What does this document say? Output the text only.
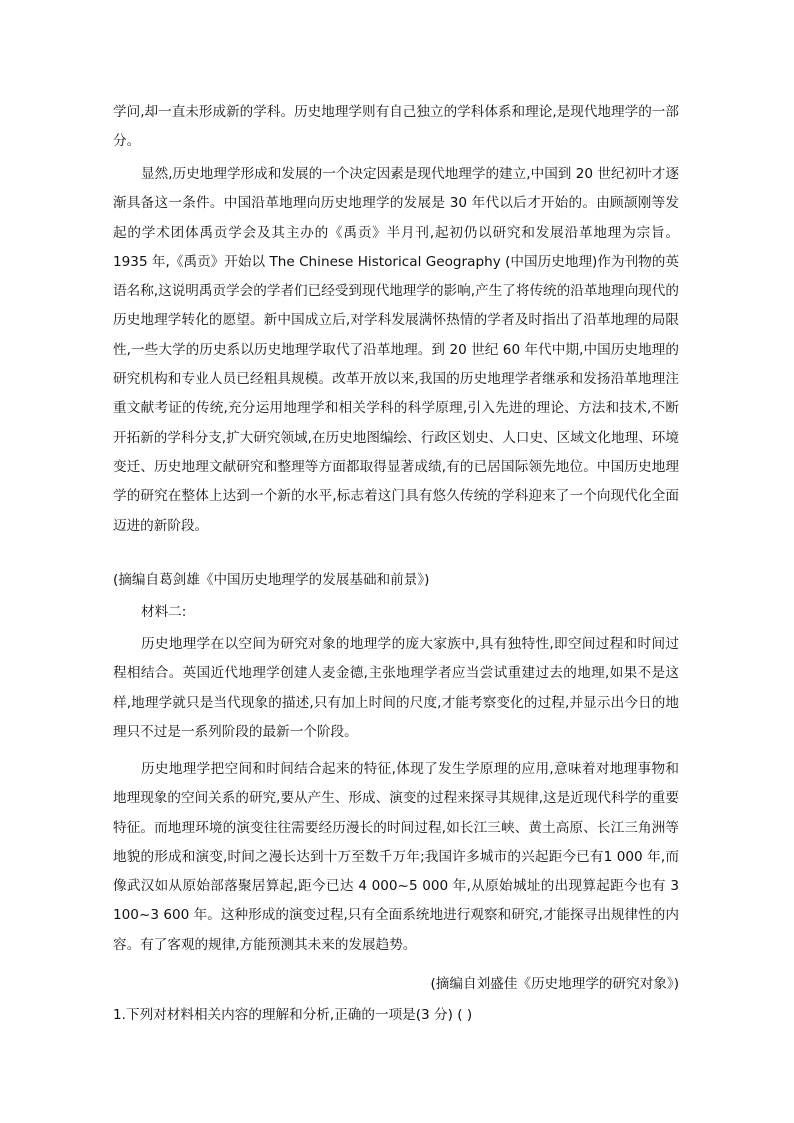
学问,却一直未形成新的学科。历史地理学则有自己独立的学科体系和理论,是现代地理学的一部分。

显然,历史地理学形成和发展的一个决定因素是现代地理学的建立,中国到 20 世纪初叶才逐渐具备这一条件。中国沿革地理向历史地理学的发展是 30 年代以后才开始的。由顾颉刚等发起的学术团体禹贡学会及其主办的《禹贡》半月刊,起初仍以研究和发展沿革地理为宗旨。1935 年,《禹贡》开始以 The Chinese Historical Geography (中国历史地理)作为刊物的英语名称,这说明禹贡学会的学者们已经受到现代地理学的影响,产生了将传统的沿革地理向现代的历史地理学转化的愿望。新中国成立后,对学科发展满怀热情的学者及时指出了沿革地理的局限性,一些大学的历史系以历史地理学取代了沿革地理。到 20 世纪 60 年代中期,中国历史地理的研究机构和专业人员已经粗具规模。改革开放以来,我国的历史地理学者继承和发扬沿革地理注重文献考证的传统,充分运用地理学和相关学科的科学原理,引入先进的理论、方法和技术,不断开拓新的学科分支,扩大研究领域,在历史地图编绘、行政区划史、人口史、区域文化地理、环境变迁、历史地理文献研究和整理等方面都取得显著成绩,有的已居国际领先地位。中国历史地理学的研究在整体上达到一个新的水平,标志着这门具有悠久传统的学科迎来了一个向现代化全面迈进的新阶段。

(摘编自葛剑雄《中国历史地理学的发展基础和前景》)

材料二:

历史地理学在以空间为研究对象的地理学的庞大家族中,具有独特性,即空间过程和时间过程相结合。英国近代地理学创建人麦金德,主张地理学者应当尝试重建过去的地理,如果不是这样,地理学就只是当代现象的描述,只有加上时间的尺度,才能考察变化的过程,并显示出今日的地理只不过是一系列阶段的最新一个阶段。

历史地理学把空间和时间结合起来的特征,体现了发生学原理的应用,意味着对地理事物和地理现象的空间关系的研究,要从产生、形成、演变的过程来探寻其规律,这是近现代科学的重要特征。而地理环境的演变往往需要经历漫长的时间过程,如长江三峡、黄土高原、长江三角洲等地貌的形成和演变,时间之漫长达到十万至数千万年;我国许多城市的兴起距今已有1 000 年,而像武汉如从原始部落聚居算起,距今已达 4 000~5 000 年,从原始城址的出现算起距今也有 3 100~3 600 年。这种形成的演变过程,只有全面系统地进行观察和研究,才能探寻出规律性的内容。有了客观的规律,方能预测其未来的发展趋势。

(摘编自刘盛佳《历史地理学的研究对象》)

1.下列对材料相关内容的理解和分析,正确的一项是(3 分) ( )
